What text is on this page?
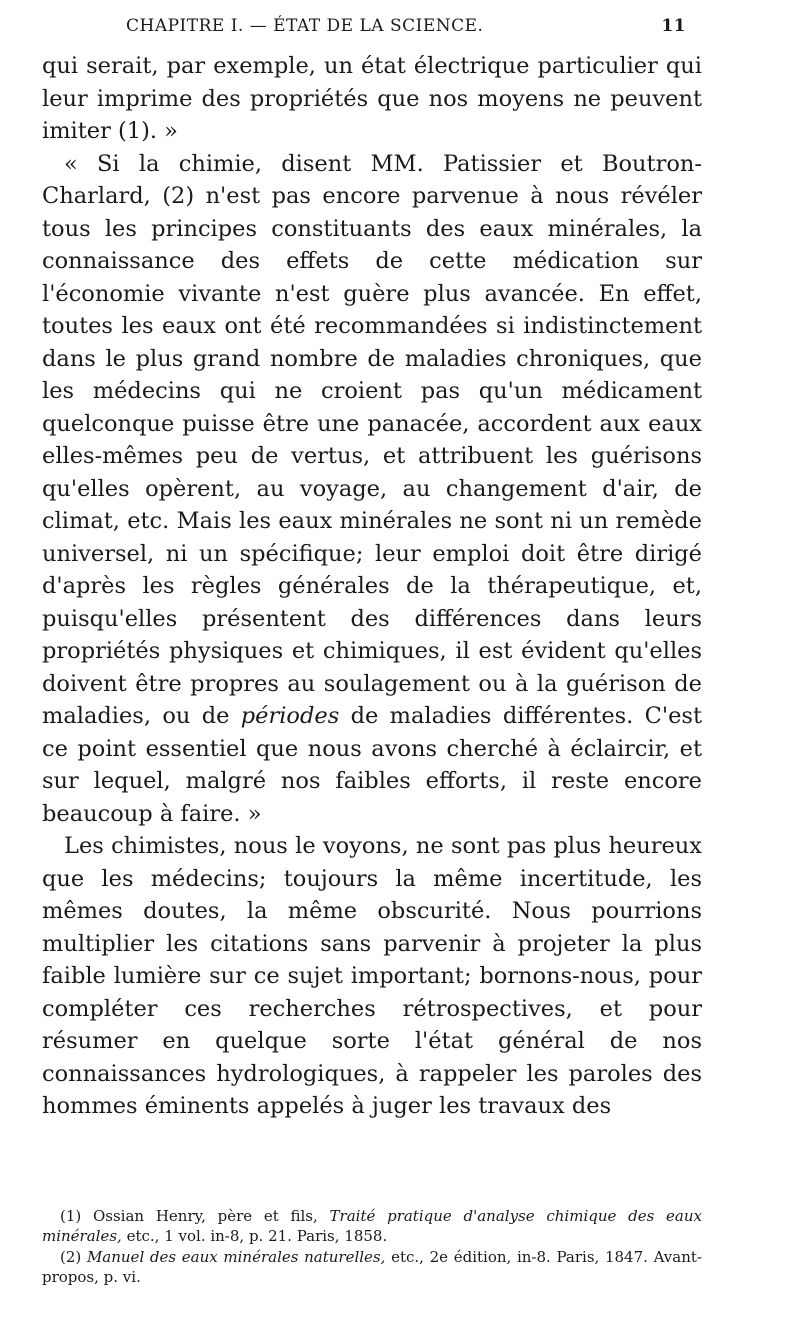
CHAPITRE I. — ÉTAT DE LA SCIENCE.	11

qui serait, par exemple, un état électrique particulier qui leur imprime des propriétés que nos moyens ne peuvent imiter (1). »

« Si la chimie, disent MM. Patissier et Boutron-Charlard, (2) n'est pas encore parvenue à nous révéler tous les principes constituants des eaux minérales, la connaissance des effets de cette médication sur l'économie vivante n'est guère plus avancée. En effet, toutes les eaux ont été recommandées si indistinctement dans le plus grand nombre de maladies chroniques, que les médecins qui ne croient pas qu'un médicament quelconque puisse être une panacée, accordent aux eaux elles-mêmes peu de vertus, et attribuent les guérisons qu'elles opèrent, au voyage, au changement d'air, de climat, etc. Mais les eaux minérales ne sont ni un remède universel, ni un spécifique; leur emploi doit être dirigé d'après les règles générales de la thérapeutique, et, puisqu'elles présentent des différences dans leurs propriétés physiques et chimiques, il est évident qu'elles doivent être propres au soulagement ou à la guérison de maladies, ou de périodes de maladies différentes. C'est ce point essentiel que nous avons cherché à éclaircir, et sur lequel, malgré nos faibles efforts, il reste encore beaucoup à faire. »

Les chimistes, nous le voyons, ne sont pas plus heureux que les médecins; toujours la même incertitude, les mêmes doutes, la même obscurité. Nous pourrions multiplier les citations sans parvenir à projeter la plus faible lumière sur ce sujet important; bornons-nous, pour compléter ces recherches rétrospectives, et pour résumer en quelque sorte l'état général de nos connaissances hydrologiques, à rappeler les paroles des hommes éminents appelés à juger les travaux des

(1) Ossian Henry, père et fils, Traité pratique d'analyse chimique des eaux minérales, etc., 1 vol. in-8, p. 21. Paris, 1858.

(2) Manuel des eaux minérales naturelles, etc., 2e édition, in-8. Paris, 1847. Avant-propos, p. vi.
